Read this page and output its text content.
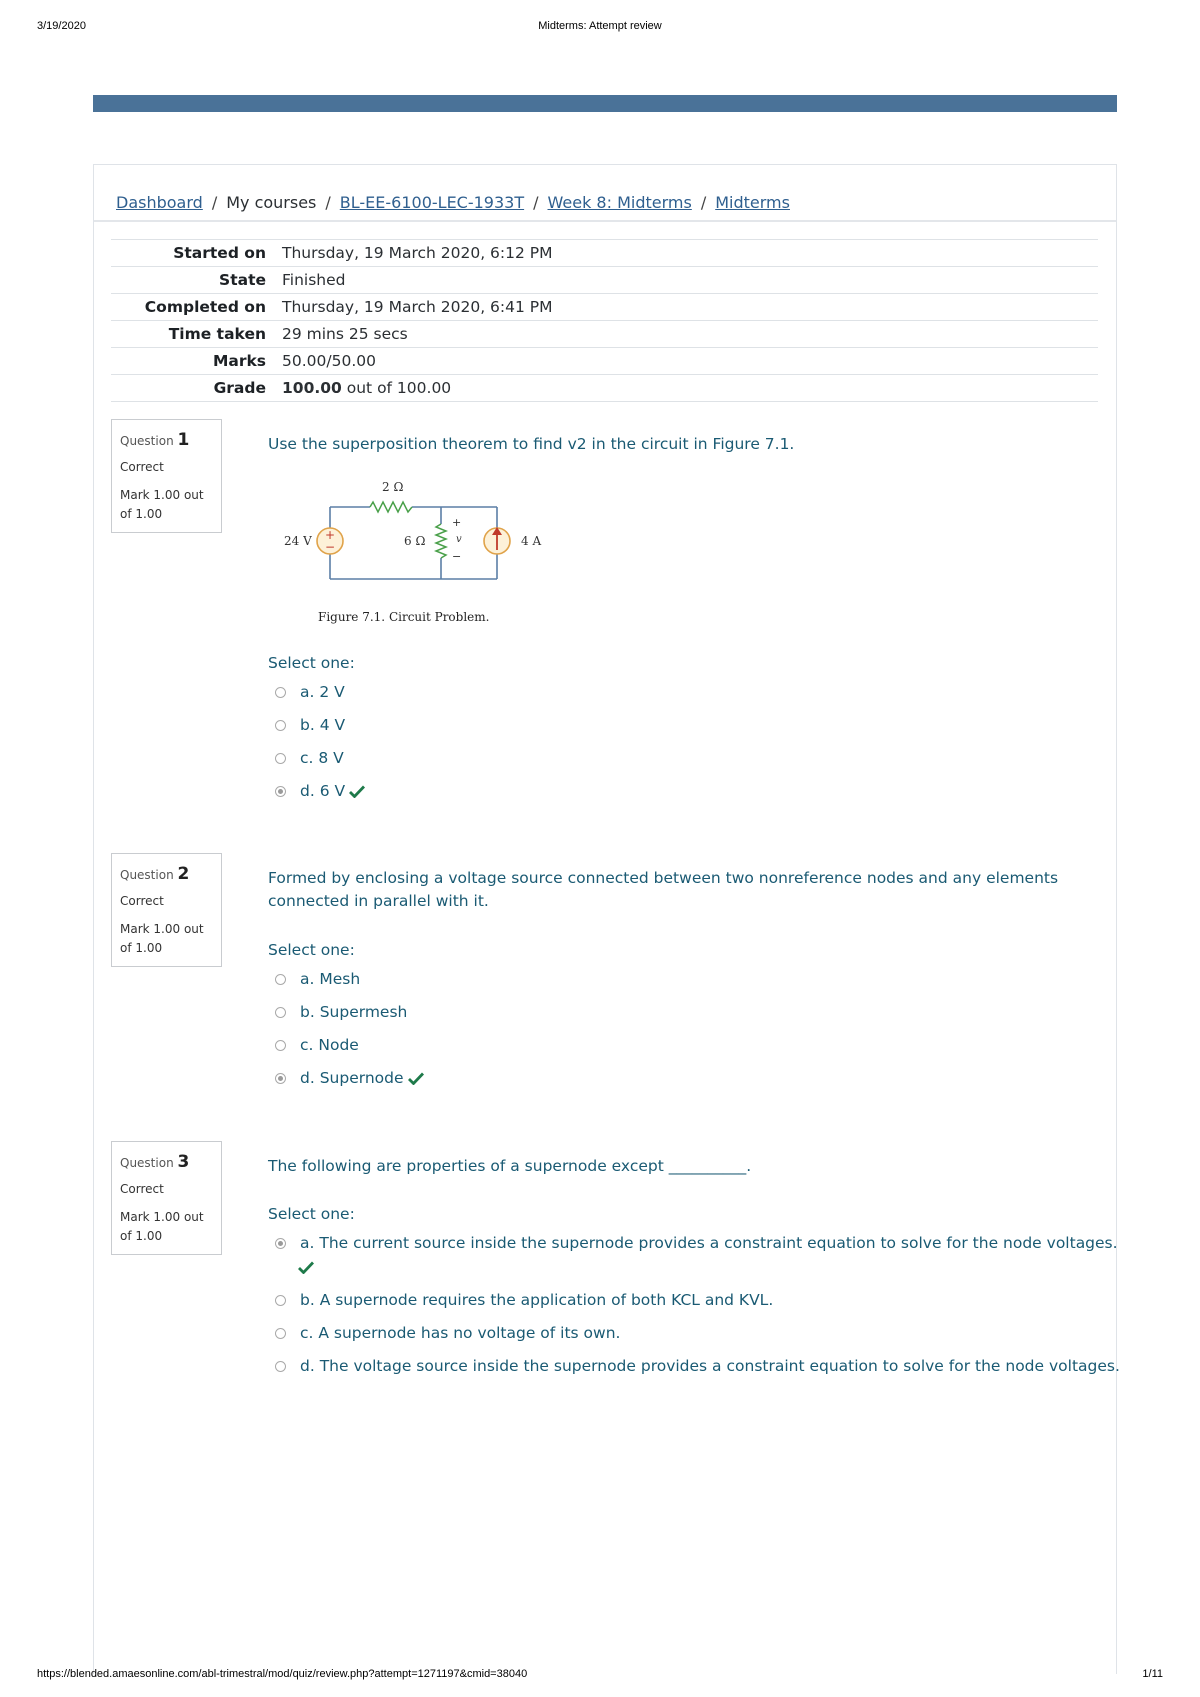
3/19/2020	Midterms: Attempt review
Dashboard / My courses / BL-EE-6100-LEC-1933T / Week 8: Midterms / Midterms
Started on	Thursday, 19 March 2020, 6:12 PM
State	Finished
Completed on	Thursday, 19 March 2020, 6:41 PM
Time taken	29 mins 25 secs
Marks	50.00/50.00
Grade	100.00 out of 100.00
Question 1
Correct
Mark 1.00 out of 1.00
Use the superposition theorem to find v2 in the circuit in Figure 7.1.
+
−
+
−
2 Ω
6 Ω
24 V	4 A
v
Figure 7.1. Circuit Problem.
Select one:
a. 2 V
b. 4 V
c. 8 V
d. 6 V
Question 2
Correct
Mark 1.00 out of 1.00
Formed by enclosing a voltage source connected between two nonreference nodes and any elements connected in parallel with it.
Select one:
a. Mesh
b. Supermesh
c. Node
d. Supernode
Question 3
Correct
Mark 1.00 out of 1.00
The following are properties of a supernode except __________.
Select one:
a. The current source inside the supernode provides a constraint equation to solve for the node voltages.
b. A supernode requires the application of both KCL and KVL.
c. A supernode has no voltage of its own.
d. The voltage source inside the supernode provides a constraint equation to solve for the node voltages.
https://blended.amaesonline.com/abl-trimestral/mod/quiz/review.php?attempt=1271197&cmid=38040	1/11
